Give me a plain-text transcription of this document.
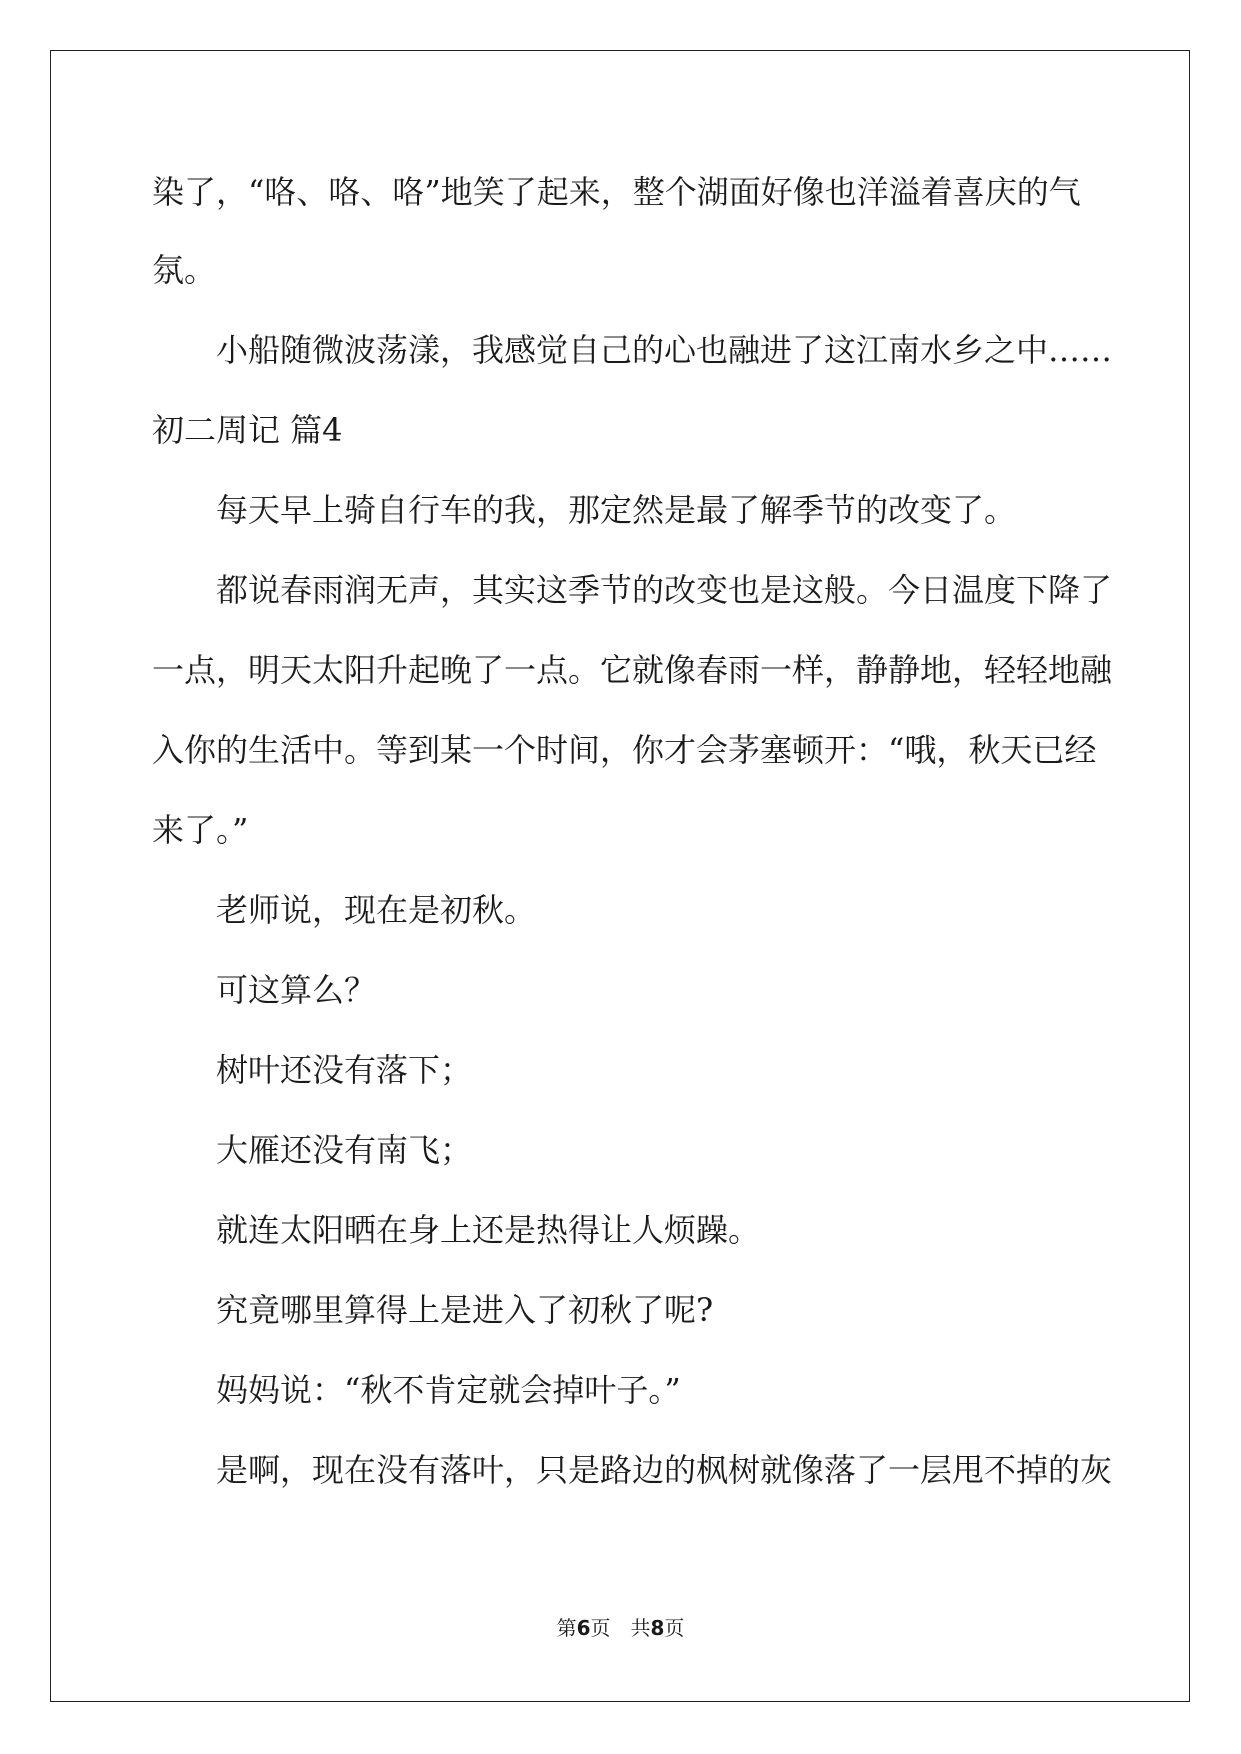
染了，“咯、咯、咯”地笑了起来，整个湖面好像也洋溢着喜庆的气
氛。
小船随微波荡漾，我感觉自己的心也融进了这江南水乡之中……
初二周记 篇4
每天早上骑自行车的我，那定然是最了解季节的改变了。
都说春雨润无声，其实这季节的改变也是这般。今日温度下降了
一点，明天太阳升起晚了一点。它就像春雨一样，静静地，轻轻地融
入你的生活中。等到某一个时间，你才会茅塞顿开：“哦，秋天已经
来了。”
老师说，现在是初秋。
可这算么？
树叶还没有落下；
大雁还没有南飞；
就连太阳晒在身上还是热得让人烦躁。
究竟哪里算得上是进入了初秋了呢?
妈妈说：“秋不肯定就会掉叶子。”
是啊，现在没有落叶，只是路边的枫树就像落了一层甩不掉的灰
第6页　共8页
